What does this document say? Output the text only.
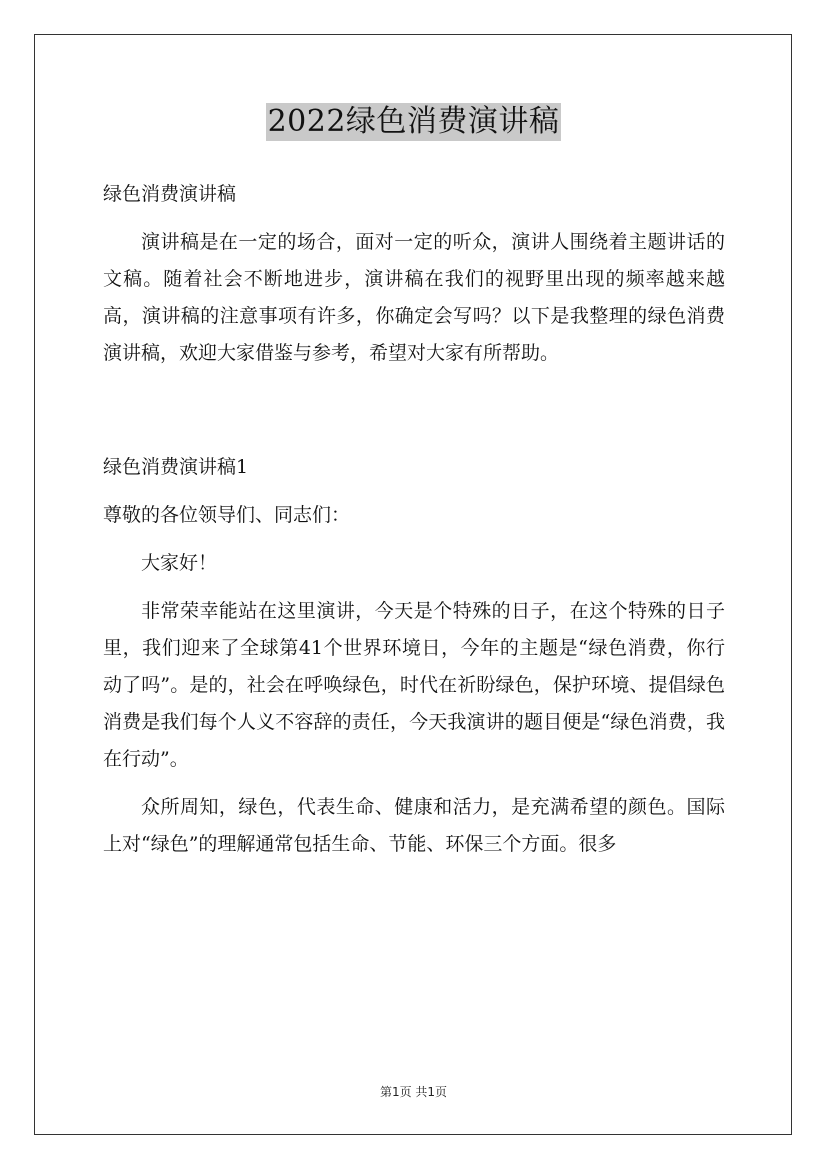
2022绿色消费演讲稿

绿色消费演讲稿

演讲稿是在一定的场合，面对一定的听众，演讲人围绕着主题讲话的文稿。随着社会不断地进步，演讲稿在我们的视野里出现的频率越来越高，演讲稿的注意事项有许多，你确定会写吗？以下是我整理的绿色消费演讲稿，欢迎大家借鉴与参考，希望对大家有所帮助。

绿色消费演讲稿1

尊敬的各位领导们、同志们：

大家好！

非常荣幸能站在这里演讲，今天是个特殊的日子，在这个特殊的日子里，我们迎来了全球第41个世界环境日，今年的主题是“绿色消费，你行动了吗”。是的，社会在呼唤绿色，时代在祈盼绿色，保护环境、提倡绿色消费是我们每个人义不容辞的责任，今天我演讲的题目便是“绿色消费，我在行动”。

众所周知，绿色，代表生命、健康和活力，是充满希望的颜色。国际上对“绿色”的理解通常包括生命、节能、环保三个方面。很多

第1页 共1页
